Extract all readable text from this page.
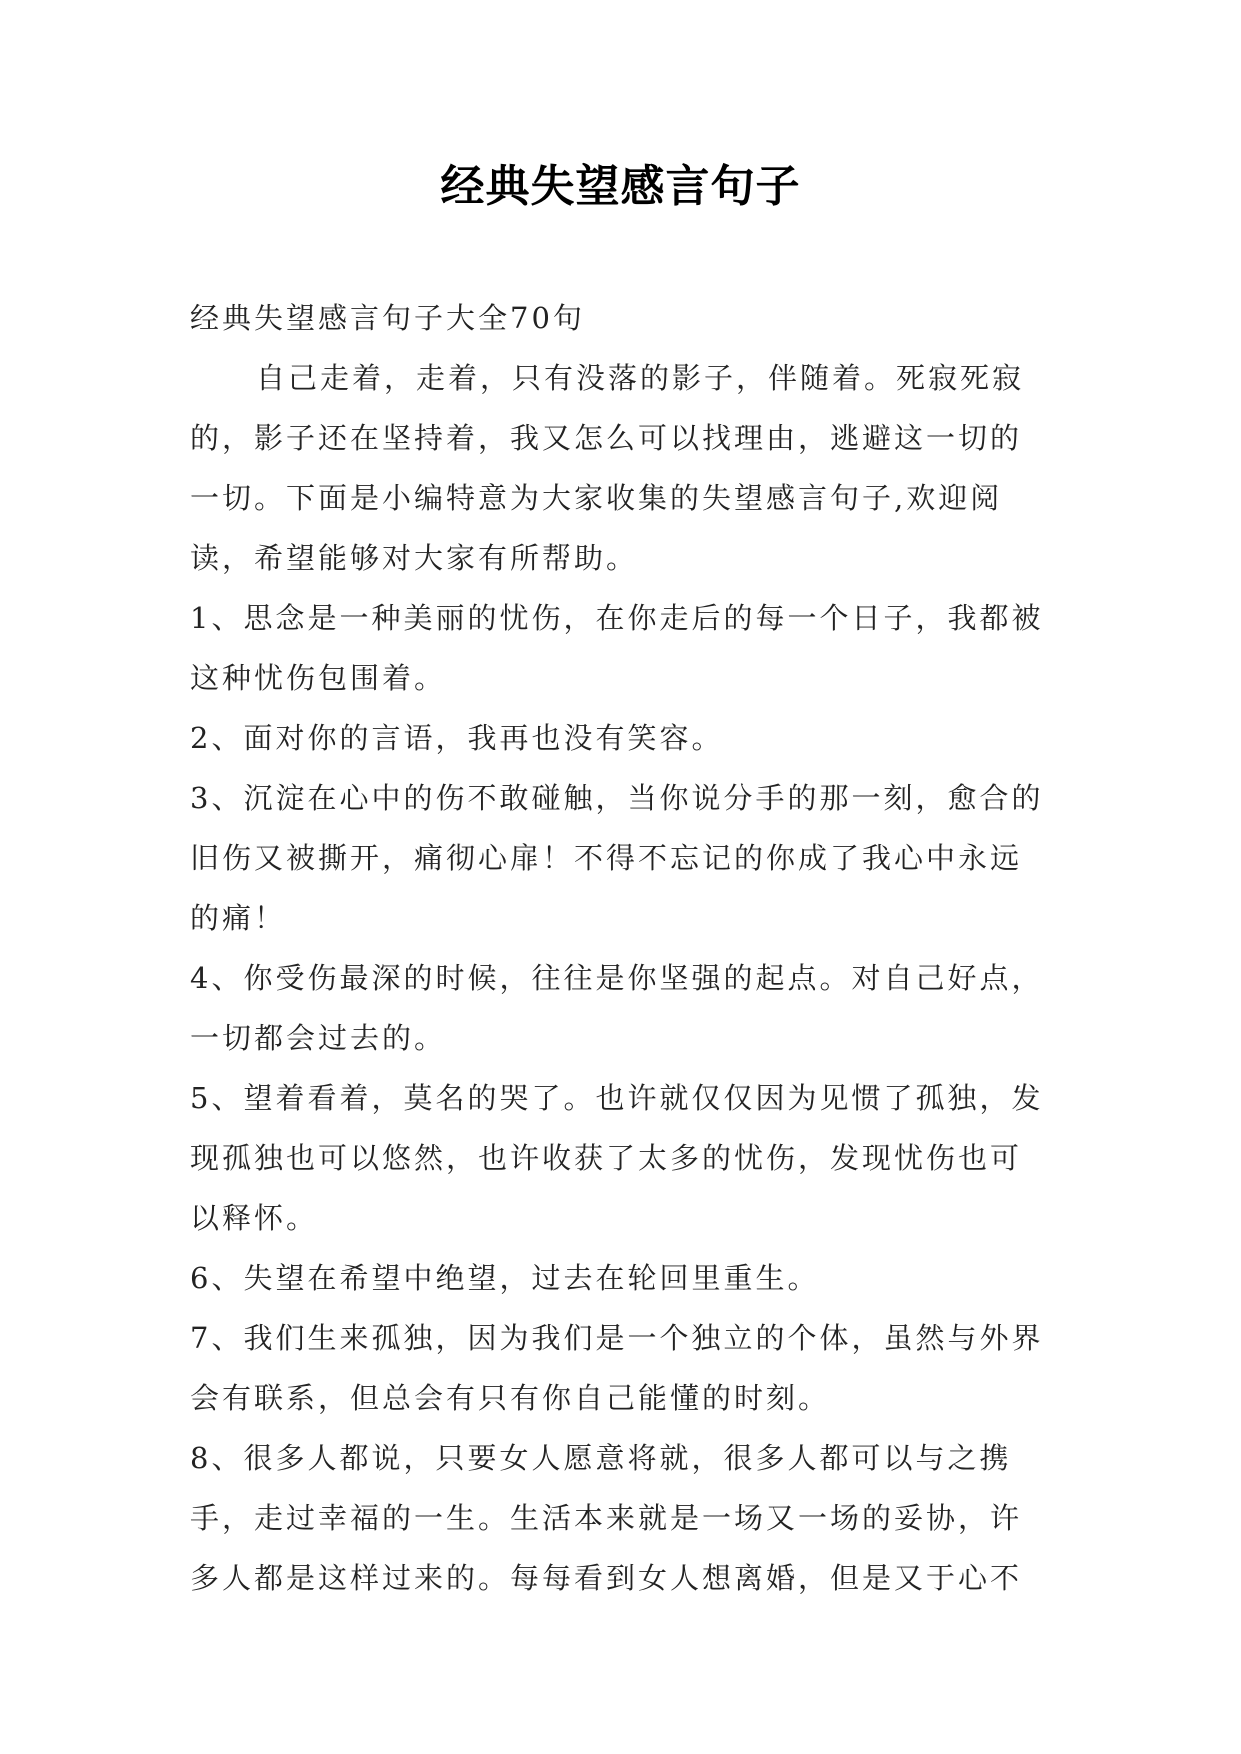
经典失望感言句子

经典失望感言句子大全70句

自己走着，走着，只有没落的影子，伴随着。死寂死寂的，影子还在坚持着，我又怎么可以找理由，逃避这一切的一切。下面是小编特意为大家收集的失望感言句子,欢迎阅读，希望能够对大家有所帮助。

1、思念是一种美丽的忧伤，在你走后的每一个日子，我都被这种忧伤包围着。

2、面对你的言语，我再也没有笑容。

3、沉淀在心中的伤不敢碰触，当你说分手的那一刻，愈合的旧伤又被撕开，痛彻心扉！不得不忘记的你成了我心中永远的痛！

4、你受伤最深的时候，往往是你坚强的起点。对自己好点，一切都会过去的。

5、望着看着，莫名的哭了。也许就仅仅因为见惯了孤独，发现孤独也可以悠然，也许收获了太多的忧伤，发现忧伤也可以释怀。

6、失望在希望中绝望，过去在轮回里重生。

7、我们生来孤独，因为我们是一个独立的个体，虽然与外界会有联系，但总会有只有你自己能懂的时刻。

8、很多人都说，只要女人愿意将就，很多人都可以与之携手，走过幸福的一生。生活本来就是一场又一场的妥协，许多人都是这样过来的。每每看到女人想离婚，但是又于心不
